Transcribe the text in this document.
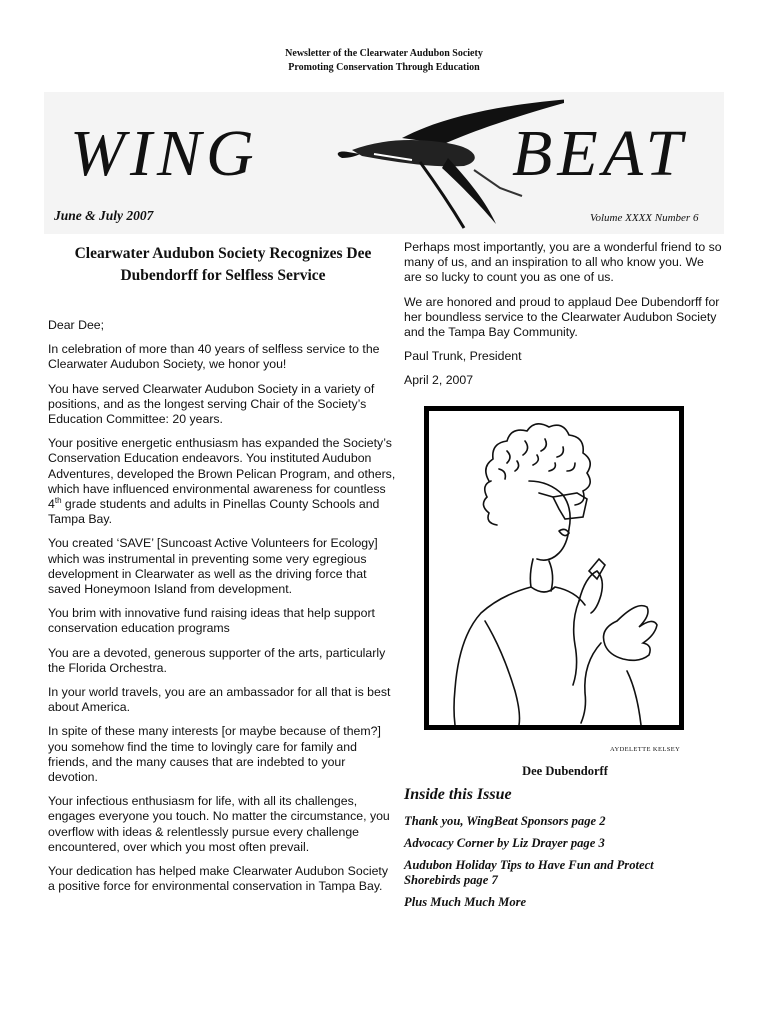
Newsletter of the Clearwater Audubon Society
Promoting Conservation Through Education
WING	BEAT
June & July 2007	Volume XXXX Number 6
Clearwater Audubon Society Recognizes Dee Dubendorff for Selfless Service

Dear Dee;

In celebration of more than 40 years of selfless service to the Clearwater Audubon Society, we honor you!

You have served Clearwater Audubon Society in a variety of positions, and as the longest serving Chair of the Society’s Education Committee: 20 years.

Your positive energetic enthusiasm has expanded the Society’s Conservation Education endeavors. You instituted Audubon Adventures, developed the Brown Pelican Program, and others, which have influenced environmental awareness for countless 4th grade students and adults in Pinellas County Schools and Tampa Bay.

You created ‘SAVE’ [Suncoast Active Volunteers for Ecology] which was instrumental in preventing some very egregious development in Clearwater as well as the driving force that saved Honeymoon Island from development.

You brim with innovative fund raising ideas that help support conservation education programs

You are a devoted, generous supporter of the arts, particularly the Florida Orchestra.

In your world travels, you are an ambassador for all that is best about America.

In spite of these many interests [or maybe because of them?] you somehow find the time to lovingly care for family and friends, and the many causes that are indebted to your devotion.

Your infectious enthusiasm for life, with all its challenges, engages everyone you touch. No matter the circumstance, you overflow with ideas & relentlessly pursue every challenge encountered, over which you most often prevail.

Your dedication has helped make Clearwater Audubon Society a positive force for environmental conservation in Tampa Bay.

Perhaps most importantly, you are a wonderful friend to so many of us, and an inspiration to all who know you. We are so lucky to count you as one of us.

We are honored and proud to applaud Dee Dubendorff for her boundless service to the Clearwater Audubon Society and the Tampa Bay Community.

Paul Trunk, President

April 2, 2007

AYDELETTE KELSEY
Dee Dubendorff
Inside this Issue
Thank you, WingBeat Sponsors page 2
Advocacy Corner by Liz Drayer page 3
Audubon Holiday Tips to Have Fun and Protect Shorebirds page 7
Plus Much Much More
